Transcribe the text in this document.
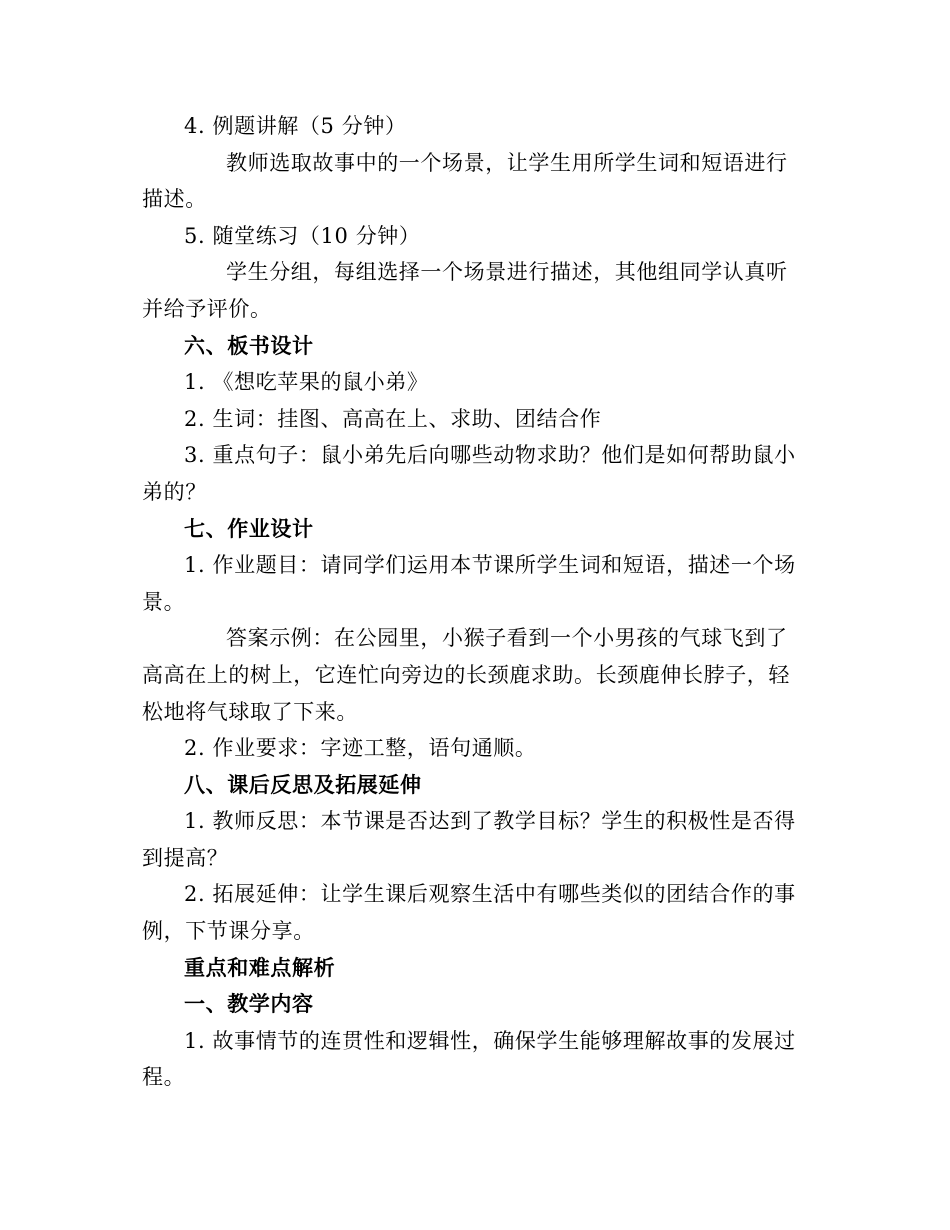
4. 例题讲解（5 分钟）

教师选取故事中的一个场景，让学生用所学生词和短语进行描述。

5. 随堂练习（10 分钟）

学生分组，每组选择一个场景进行描述，其他组同学认真听并给予评价。

六、板书设计

1. 《想吃苹果的鼠小弟》

2. 生词：挂图、高高在上、求助、团结合作

3. 重点句子：鼠小弟先后向哪些动物求助？他们是如何帮助鼠小弟的？

七、作业设计

1. 作业题目：请同学们运用本节课所学生词和短语，描述一个场景。

答案示例：在公园里，小猴子看到一个小男孩的气球飞到了高高在上的树上，它连忙向旁边的长颈鹿求助。长颈鹿伸长脖子，轻松地将气球取了下来。

2. 作业要求：字迹工整，语句通顺。

八、课后反思及拓展延伸

1. 教师反思：本节课是否达到了教学目标？学生的积极性是否得到提高？

2. 拓展延伸：让学生课后观察生活中有哪些类似的团结合作的事例，下节课分享。

重点和难点解析

一、教学内容

1. 故事情节的连贯性和逻辑性，确保学生能够理解故事的发展过程。
